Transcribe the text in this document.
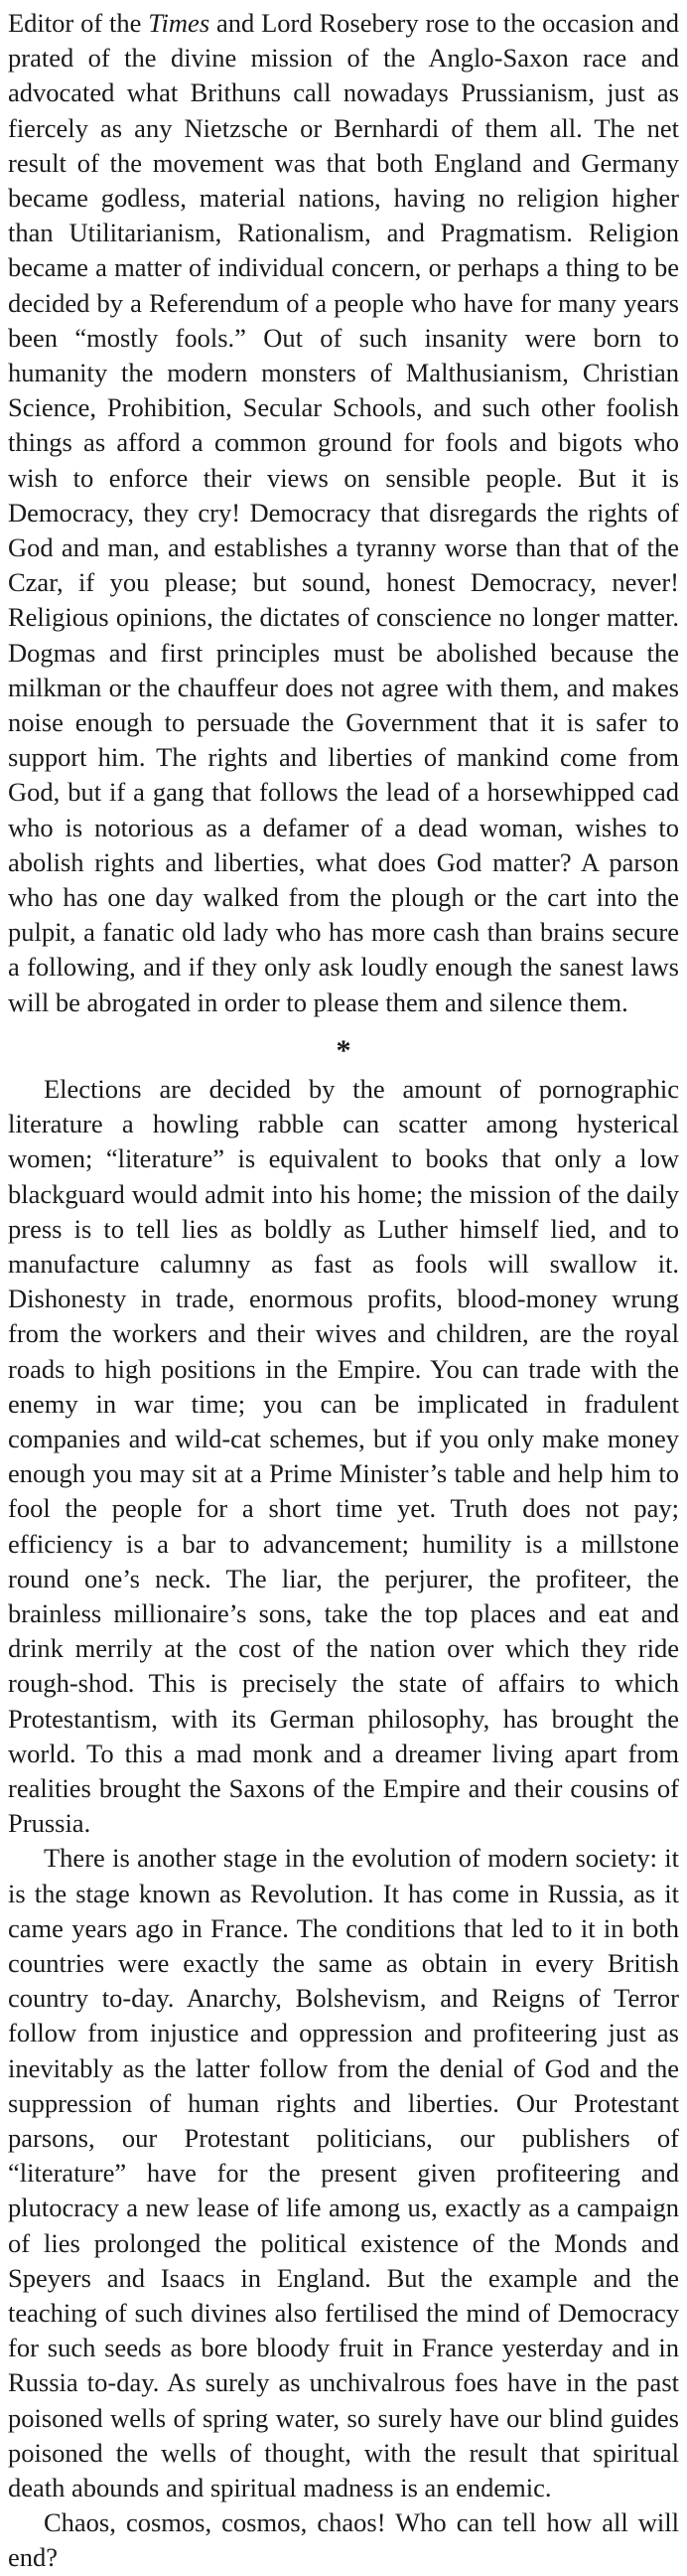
Editor of the Times and Lord Rosebery rose to the occasion and prated of the divine mission of the Anglo-Saxon race and advocated what Brithuns call nowadays Prussianism, just as fiercely as any Nietzsche or Bernhardi of them all. The net result of the movement was that both England and Germany became godless, material nations, having no religion higher than Utilitarianism, Rationalism, and Pragmatism. Religion became a matter of individual concern, or perhaps a thing to be decided by a Referendum of a people who have for many years been “mostly fools.” Out of such insanity were born to humanity the modern monsters of Malthusianism, Christian Science, Prohibition, Secular Schools, and such other foolish things as afford a common ground for fools and bigots who wish to enforce their views on sensible people. But it is Democracy, they cry! Democracy that disregards the rights of God and man, and establishes a tyranny worse than that of the Czar, if you please; but sound, honest Democracy, never! Religious opinions, the dictates of conscience no longer matter. Dogmas and first principles must be abolished because the milkman or the chauffeur does not agree with them, and makes noise enough to persuade the Government that it is safer to support him. The rights and liberties of mankind come from God, but if a gang that follows the lead of a horsewhipped cad who is notorious as a defamer of a dead woman, wishes to abolish rights and liberties, what does God matter? A parson who has one day walked from the plough or the cart into the pulpit, a fanatic old lady who has more cash than brains secure a following, and if they only ask loudly enough the sanest laws will be abrogated in order to please them and silence them.

*

Elections are decided by the amount of pornographic literature a howling rabble can scatter among hysterical women; “literature” is equivalent to books that only a low blackguard would admit into his home; the mission of the daily press is to tell lies as boldly as Luther himself lied, and to manufacture calumny as fast as fools will swallow it. Dishonesty in trade, enormous profits, blood-money wrung from the workers and their wives and children, are the royal roads to high positions in the Empire. You can trade with the enemy in war time; you can be implicated in fradulent companies and wild-cat schemes, but if you only make money enough you may sit at a Prime Minister’s table and help him to fool the people for a short time yet. Truth does not pay; efficiency is a bar to advancement; humility is a millstone round one’s neck. The liar, the perjurer, the profiteer, the brainless millionaire’s sons, take the top places and eat and drink merrily at the cost of the nation over which they ride rough-shod. This is precisely the state of affairs to which Protestantism, with its German philosophy, has brought the world. To this a mad monk and a dreamer living apart from realities brought the Saxons of the Empire and their cousins of Prussia.

There is another stage in the evolution of modern society: it is the stage known as Revolution. It has come in Russia, as it came years ago in France. The conditions that led to it in both countries were exactly the same as obtain in every British country to-day. Anarchy, Bolshevism, and Reigns of Terror follow from injustice and oppression and profiteering just as inevitably as the latter follow from the denial of God and the suppression of human rights and liberties. Our Protestant parsons, our Protestant politicians, our publishers of “literature” have for the present given profiteering and plutocracy a new lease of life among us, exactly as a campaign of lies prolonged the political existence of the Monds and Speyers and Isaacs in England. But the example and the teaching of such divines also fertilised the mind of Democracy for such seeds as bore bloody fruit in France yesterday and in Russia to-day. As surely as unchivalrous foes have in the past poisoned wells of spring water, so surely have our blind guides poisoned the wells of thought, with the result that spiritual death abounds and spiritual madness is an endemic.

Chaos, cosmos, cosmos, chaos! Who can tell how all will end?
